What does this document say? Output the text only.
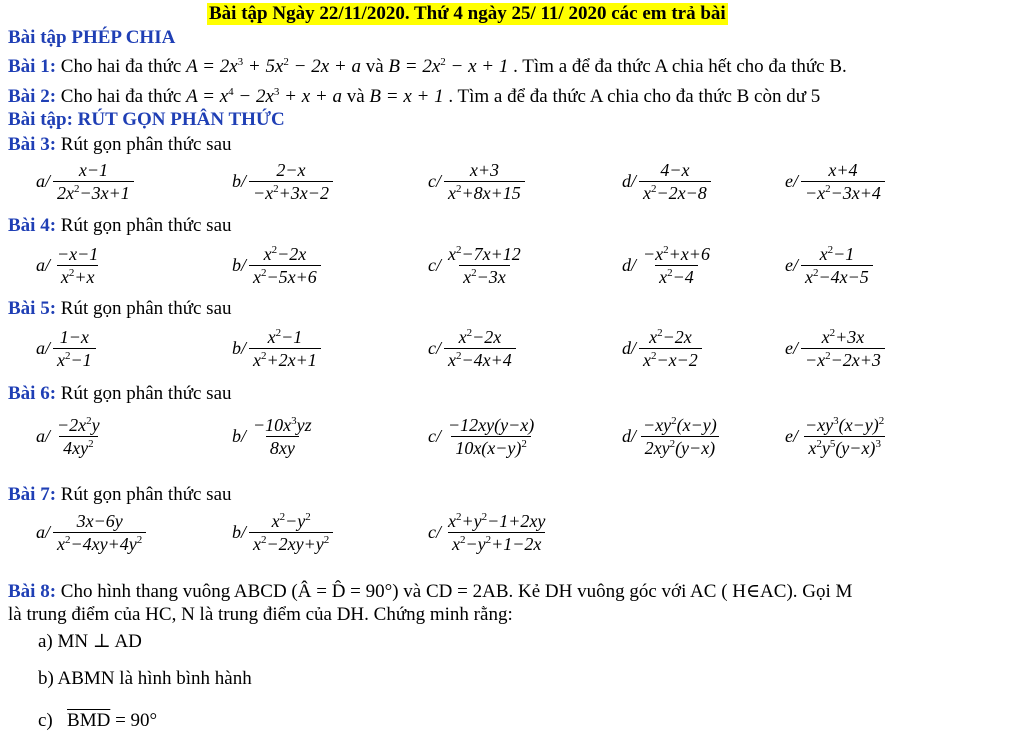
Bài tập Ngày 22/11/2020. Thứ 4 ngày 25/ 11/ 2020 các em trả bài
Bài tập PHÉP CHIA
Bài 1: Cho hai đa thức $A = 2x^3 + 5x^2 - 2x + a$ và $B = 2x^2 - x + 1$ . Tìm a để đa thức A chia hết cho đa thức B.
Bài 2: Cho hai đa thức $A = x^4 - 2x^3 + x + a$ và B = x + 1 . Tìm a để đa thức A chia cho đa thức B còn dư 5
Bài tập: RÚT GỌN PHÂN THỨC
Bài 3: Rút gọn phân thức sau
$a/ \frac{x-1}{2x^2-3x+1}$	$b/ \frac{2-x}{-x^2+3x-2}$	$c/ \frac{x+3}{x^2+8x+15}$	$d/ \frac{4-x}{x^2-2x-8}$	$e/ \frac{x+4}{-x^2-3x+4}$
Bài 4: Rút gọn phân thức sau
$a/ \frac{-x-1}{x^2+x}$	$b/ \frac{x^2-2x}{x^2-5x+6}$	$c/ \frac{x^2-7x+12}{x^2-3x}$	$d/ \frac{-x^2+x+6}{x^2-4}$	$e/ \frac{x^2-1}{x^2-4x-5}$
Bài 5: Rút gọn phân thức sau
$a/ \frac{1-x}{x^2-1}$	$b/ \frac{x^2-1}{x^2+2x+1}$	$c/ \frac{x^2-2x}{x^2-4x+4}$	$d/ \frac{x^2-2x}{x^2-x-2}$	$e/ \frac{x^2+3x}{-x^2-2x+3}$
Bài 6: Rút gọn phân thức sau
$a/ \frac{-2x^2y}{4xy^2}$	$b/ \frac{-10x^3yz}{8xy}$	$c/ \frac{-12xy(y-x)}{10x(x-y)^2}$	$d/ \frac{-xy^2(x-y)}{2xy^2(y-x)}$	$e/ \frac{-xy^3(x-y)^2}{x^2y^5(y-x)^3}$
Bài 7: Rút gọn phân thức sau
$a/ \frac{3x-6y}{x^2-4xy+4y^2}$	$b/ \frac{x^2-y^2}{x^2-2xy+y^2}$	$c/ \frac{x^2+y^2-1+2xy}{x^2-y^2+1-2x}$
Bài 8: Cho hình thang vuông ABCD (Â = D̂ = 90°) và CD = 2AB. Kẻ DH vuông góc với AC ( H∈AC). Gọi M
là trung điểm của HC, N là trung điểm của DH. Chứng minh rằng:
a) MN ⊥ AD
b) ABMN là hình bình hành
c)   $\overline{BMD} = 90^\circ$
